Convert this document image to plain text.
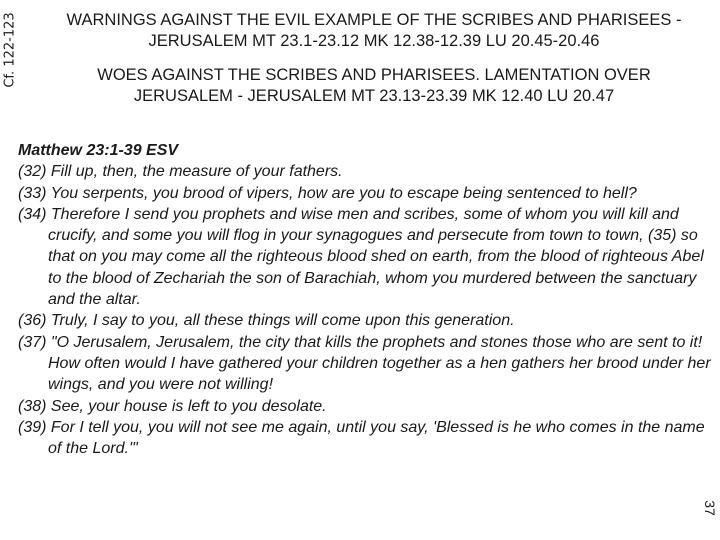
Cf. 122-123	WARNINGS AGAINST THE EVIL EXAMPLE OF THE SCRIBES AND PHARISEES -
JERUSALEM MT 23.1-23.12 MK 12.38-12.39 LU 20.45-20.46
WOES AGAINST THE SCRIBES AND PHARISEES. LAMENTATION OVER
JERUSALEM - JERUSALEM MT 23.13-23.39 MK 12.40 LU 20.47
Matthew 23:1-39 ESV
(32) Fill up, then, the measure of your fathers.
(33) You serpents, you brood of vipers, how are you to escape being sentenced to hell?
(34) Therefore I send you prophets and wise men and scribes, some of whom you will kill and crucify, and some you will flog in your synagogues and persecute from town to town, (35) so that on you may come all the righteous blood shed on earth, from the blood of righteous Abel to the blood of Zechariah the son of Barachiah, whom you murdered between the sanctuary and the altar.
(36) Truly, I say to you, all these things will come upon this generation.
(37) "O Jerusalem, Jerusalem, the city that kills the prophets and stones those who are sent to it! How often would I have gathered your children together as a hen gathers her brood under her wings, and you were not willing!
(38) See, your house is left to you desolate.
(39) For I tell you, you will not see me again, until you say, 'Blessed is he who comes in the name of the Lord.'"
37
